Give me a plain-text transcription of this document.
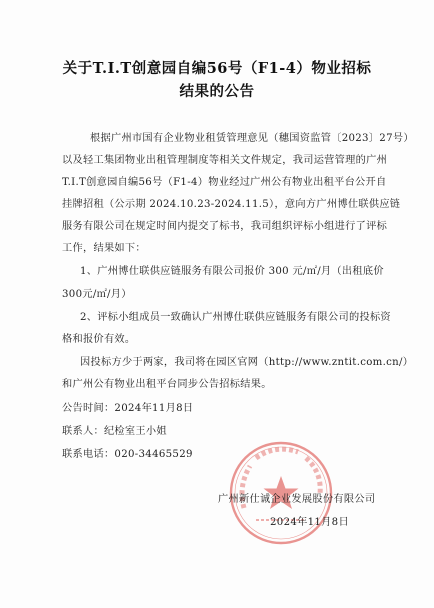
关于T.I.T创意园自编56号（F1-4）物业招标
结果的公告
根据广州市国有企业物业租赁管理意见（穗国资监管〔2023〕27号）
以及轻工集团物业出租管理制度等相关文件规定，我司运营管理的广州
T.I.T创意园自编56号（F1-4）物业经过广州公有物业出租平台公开自
挂牌招租（公示期 2024.10.23-2024.11.5），意向方广州博仕联供应链
服务有限公司在规定时间内提交了标书，我司组织评标小组进行了评标
工作，结果如下：
1、广州博仕联供应链服务有限公司报价 300 元/㎡/月（出租底价
300元/㎡/月）
2、评标小组成员一致确认广州博仕联供应链服务有限公司的投标资
格和报价有效。
因投标方少于两家，我司将在园区官网（http://www.zntit.com.cn/）
和广州公有物业出租平台同步公告招标结果。
公告时间：2024年11月8日
联系人：纪检室王小姐
联系电话：020-34465529
广州新仕诚企业发展股份有限公司
2024年11月8日
